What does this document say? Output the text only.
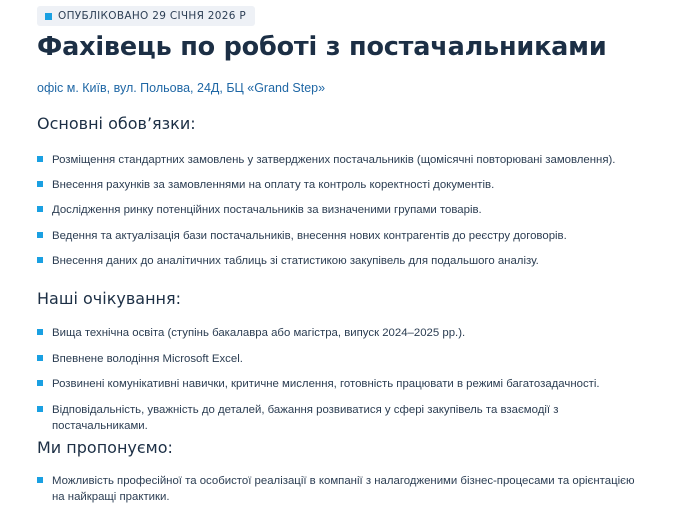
ОПУБЛІКОВАНО 29 СІЧНЯ 2026 Р
Фахівець по роботі з постачальниками
офіс м. Київ, вул. Польова, 24Д, БЦ «Grand Step»
Основні обов’язки:
Розміщення стандартних замовлень у затверджених постачальників (щомісячні повторювані замовлення).
Внесення рахунків за замовленнями на оплату та контроль коректності документів.
Дослідження ринку потенційних постачальників за визначеними групами товарів.
Ведення та актуалізація бази постачальників, внесення нових контрагентів до реєстру договорів.
Внесення даних до аналітичних таблиць зі статистикою закупівель для подальшого аналізу.
Наші очікування:
Вища технічна освіта (ступінь бакалавра або магістра, випуск 2024–2025 рр.).
Впевнене володіння Microsoft Excel.
Розвинені комунікативні навички, критичне мислення, готовність працювати в режимі багатозадачності.
Відповідальність, уважність до деталей, бажання розвиватися у сфері закупівель та взаємодії з постачальниками.
Ми пропонуємо:
Можливість професійної та особистої реалізації в компанії з налагодженими бізнес-процесами та орієнтацією на найкращі практики.
